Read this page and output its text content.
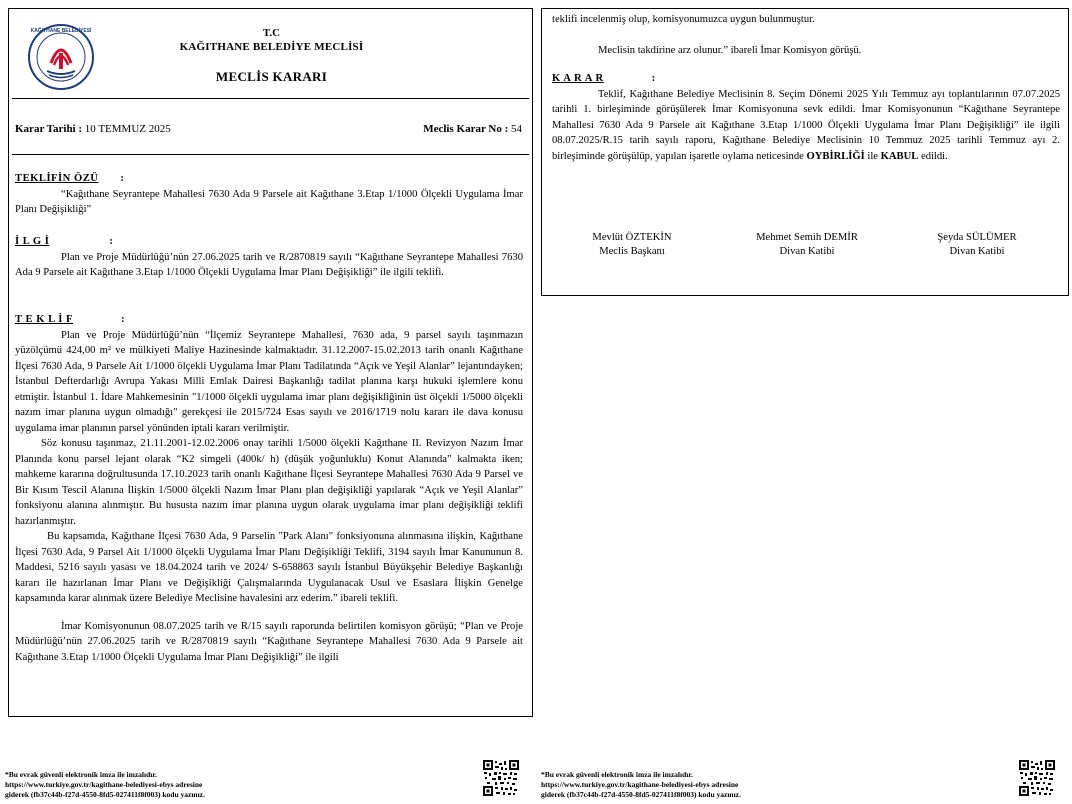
KAĞITHANE BELEDİYESİ	T.C
KAĞITHANE BELEDİYE MECLİSİ
MECLİS KARARI
Karar Tarihi : 10 TEMMUZ 2025	Meclis Karar No : 54
TEKLİFİN ÖZÜ :

“Kağıthane Seyrantepe Mahallesi 7630 Ada 9 Parsele ait Kağıthane 3.Etap 1/1000 Ölçekli Uygulama İmar Planı Değişikliği”

İ L G İ	:

Plan ve Proje Müdürlüğü’nün 27.06.2025 tarih ve R/2870819 sayılı “Kağıthane Seyrantepe Mahallesi 7630 Ada 9 Parsele ait Kağıthane 3.Etap 1/1000 Ölçekli Uygulama İmar Planı Değişikliği” ile ilgili teklifi.

T E K L İ F	:

Plan ve Proje Müdürlüğü’nün “İlçemiz Seyrantepe Mahallesi, 7630 ada, 9 parsel sayılı taşınmazın yüzölçümü 424,00 m² ve mülkiyeti Maliye Hazinesinde kalmaktadır. 31.12.2007-15.02.2013 tarih onanlı Kağıthane İlçesi 7630 Ada, 9 Parsele Ait 1/1000 ölçekli Uygulama İmar Planı Tadilatında “Açık ve Yeşil Alanlar” lejantındayken; İstanbul Defterdarlığı Avrupa Yakası Milli Emlak Dairesi Başkanlığı tadilat planına karşı hukuki işlemlere konu etmiştir. İstanbul 1. İdare Mahkemesinin "1/1000 ölçekli uygulama imar planı değişikliğinin üst ölçekli 1/5000 ölçekli nazım imar planına uygun olmadığı" gerekçesi ile 2015/724 Esas sayılı ve 2016/1719 nolu kararı ile dava konusu uygulama imar planının parsel yönünden iptali kararı verilmiştir.

Söz konusu taşınmaz, 21.11.2001-12.02.2006 onay tarihli 1/5000 ölçekli Kağıthane II. Revizyon Nazım İmar Planında konu parsel lejant olarak “K2 simgeli (400k/ h) (düşük yoğunluklu) Konut Alanında” kalmakta iken; mahkeme kararına doğrultusunda 17.10.2023 tarih onanlı Kağıthane İlçesi Seyrantepe Mahallesi 7630 Ada 9 Parsel ve Bir Kısım Tescil Alanına İlişkin 1/5000 ölçekli Nazım İmar Planı plan değişikliği yapılarak “Açık ve Yeşil Alanlar” fonksiyonu alanına alınmıştır. Bu hususta nazım imar planına uygun olarak uygulama imar planı değişikliği teklifi hazırlanmıştır.

Bu kapsamda, Kağıthane İlçesi 7630 Ada, 9 Parselin "Park Alanı" fonksiyonuna alınmasına ilişkin, Kağıthane İlçesi 7630 Ada, 9 Parsel Ait 1/1000 ölçekli Uygulama İmar Planı Değişikliği Teklifi, 3194 sayılı İmar Kanununun 8. Maddesi, 5216 sayılı yasası ve 18.04.2024 tarih ve 2024/ S-658863 sayılı İstanbul Büyükşehir Belediye Başkanlığı kararı ile hazırlanan İmar Planı ve Değişikliği Çalışmalarında Uygulanacak Usul ve Esaslara İlişkin Genelge kapsamında karar alınmak üzere Belediye Meclisine havalesini arz ederim.” ibareli teklifi.

İmar Komisyonunun 08.07.2025 tarih ve R/15 sayılı raporunda belirtilen komisyon görüşü; “Plan ve Proje Müdürlüğü’nün 27.06.2025 tarih ve R/2870819 sayılı “Kağıthane Seyrantepe Mahallesi 7630 Ada 9 Parsele ait Kağıthane 3.Etap 1/1000 Ölçekli Uygulama İmar Planı Değişikliği” ile ilgili

teklifi incelenmiş olup, komisyonumuzca uygun bulunmuştur.

Meclisin takdirine arz olunur.” ibareli İmar Komisyon görüşü.

K A R A R	:

Teklif, Kağıthane Belediye Meclisinin 8. Seçim Dönemi 2025 Yılı Temmuz ayı toplantılarının 07.07.2025 tarihli 1. birleşiminde görüşülerek İmar Komisyonuna sevk edildi. İmar Komisyonunun “Kağıthane Seyrantepe Mahallesi 7630 Ada 9 Parsele ait Kağıthane 3.Etap 1/1000 Ölçekli Uygulama İmar Planı Değişikliği” ile ilgili 08.07.2025/R.15 tarih sayılı raporu, Kağıthane Belediye Meclisinin 10 Temmuz 2025 tarihli Temmuz ayı 2. birleşiminde görüşülüp, yapılan işaretle oylama neticesinde OYBİRLİĞİ ile KABUL edildi.

Mevlüt ÖZTEKİN
Meclis Başkanı
Mehmet Semih DEMİR
Divan Katibi
Şeyda SÜLÜMER
Divan Katibi
*Bu evrak güvenli elektronik imza ile imzalıdır.
https://www.turkiye.gov.tr/kagithane-belediyesi-ebys adresine
giderek (fb37c44b-f27d-4550-8fd5-027411f8f003) kodu yazınız.
*Bu evrak güvenli elektronik imza ile imzalıdır.
https://www.turkiye.gov.tr/kagithane-belediyesi-ebys adresine
giderek (fb37c44b-f27d-4550-8fd5-027411f8f003) kodu yazınız.
